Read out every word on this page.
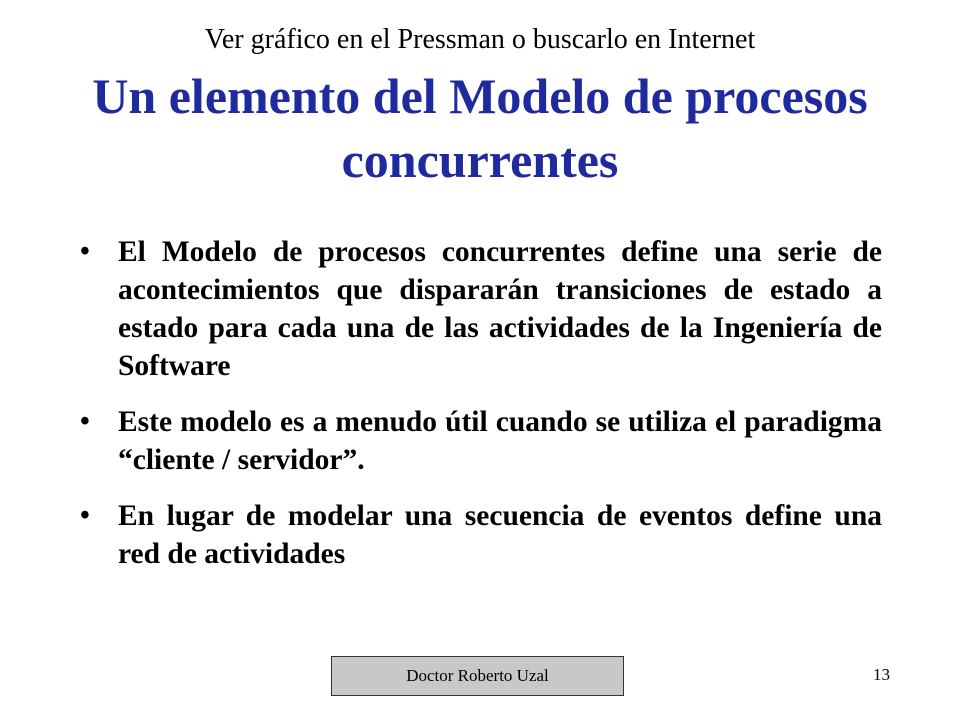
Ver gráfico en el Pressman o buscarlo en Internet
Un elemento del Modelo de procesos concurrentes
• El Modelo de procesos concurrentes define una serie de acontecimientos que dispararán transiciones de estado a estado para cada una de las actividades de la Ingeniería de Software
• Este modelo es a menudo útil cuando se utiliza el paradigma “cliente / servidor”.
• En lugar de modelar una secuencia de eventos define una red de actividades
Doctor Roberto Uzal	13
